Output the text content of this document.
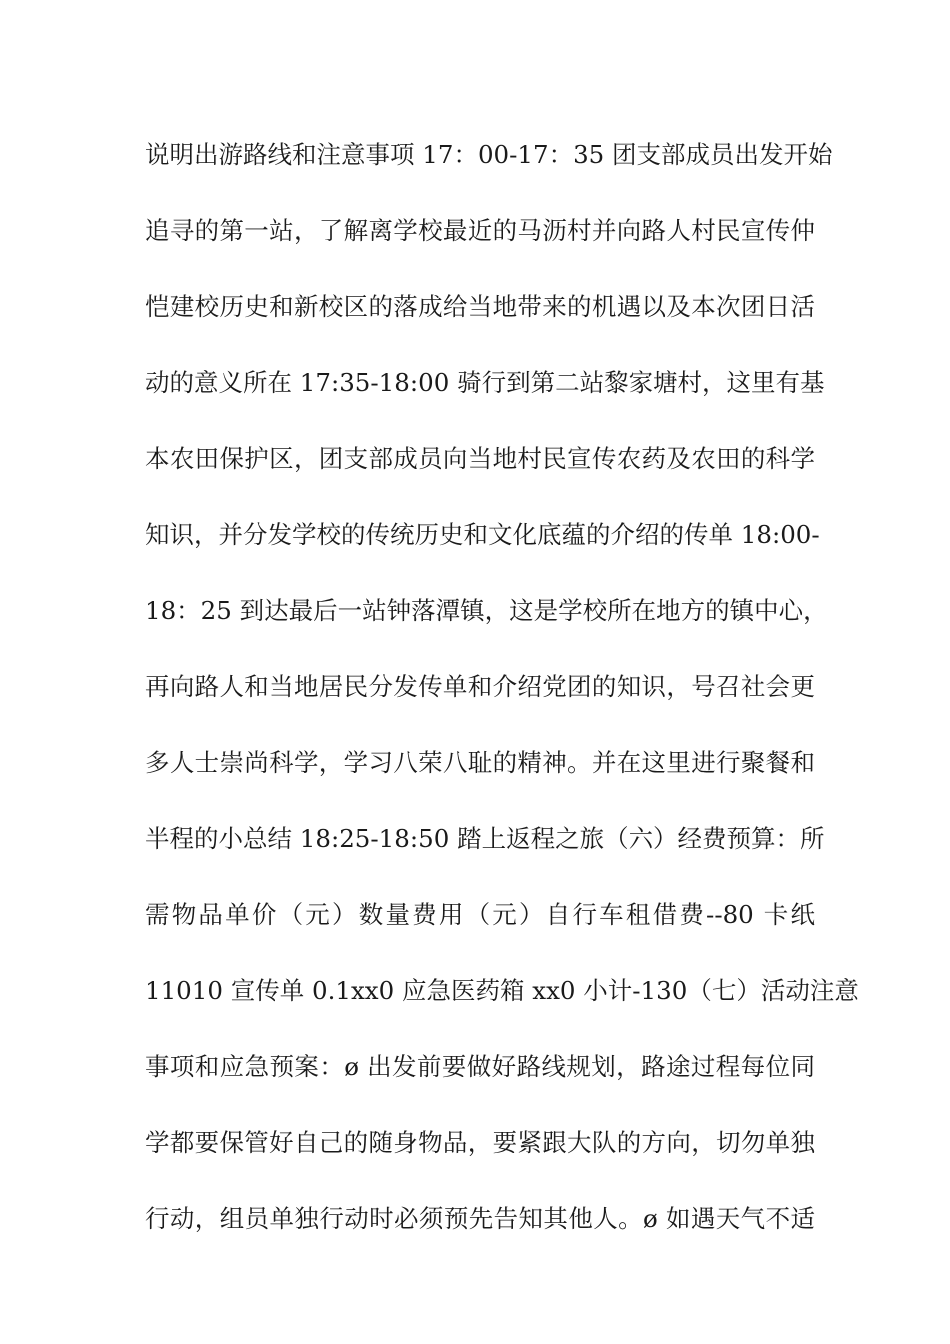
说明出游路线和注意事项 17：00-17：35 团支部成员出发开始
追寻的第一站，了解离学校最近的马沥村并向路人村民宣传仲
恺建校历史和新校区的落成给当地带来的机遇以及本次团日活
动的意义所在 17:35-18:00 骑行到第二站黎家塘村，这里有基
本农田保护区，团支部成员向当地村民宣传农药及农田的科学
知识，并分发学校的传统历史和文化底蕴的介绍的传单 18:00-
18：25 到达最后一站钟落潭镇，这是学校所在地方的镇中心，
再向路人和当地居民分发传单和介绍党团的知识，号召社会更
多人士崇尚科学，学习八荣八耻的精神。并在这里进行聚餐和
半程的小总结 18:25-18:50 踏上返程之旅（六）经费预算：所
需物品单价（元）数量费用（元）自行车租借费--80 卡纸
11010 宣传单 0.1xx0 应急医药箱 xx0 小计-130（七）活动注意
事项和应急预案：ø 出发前要做好路线规划，路途过程每位同
学都要保管好自己的随身物品，要紧跟大队的方向，切勿单独
行动，组员单独行动时必须预先告知其他人。ø 如遇天气不适
